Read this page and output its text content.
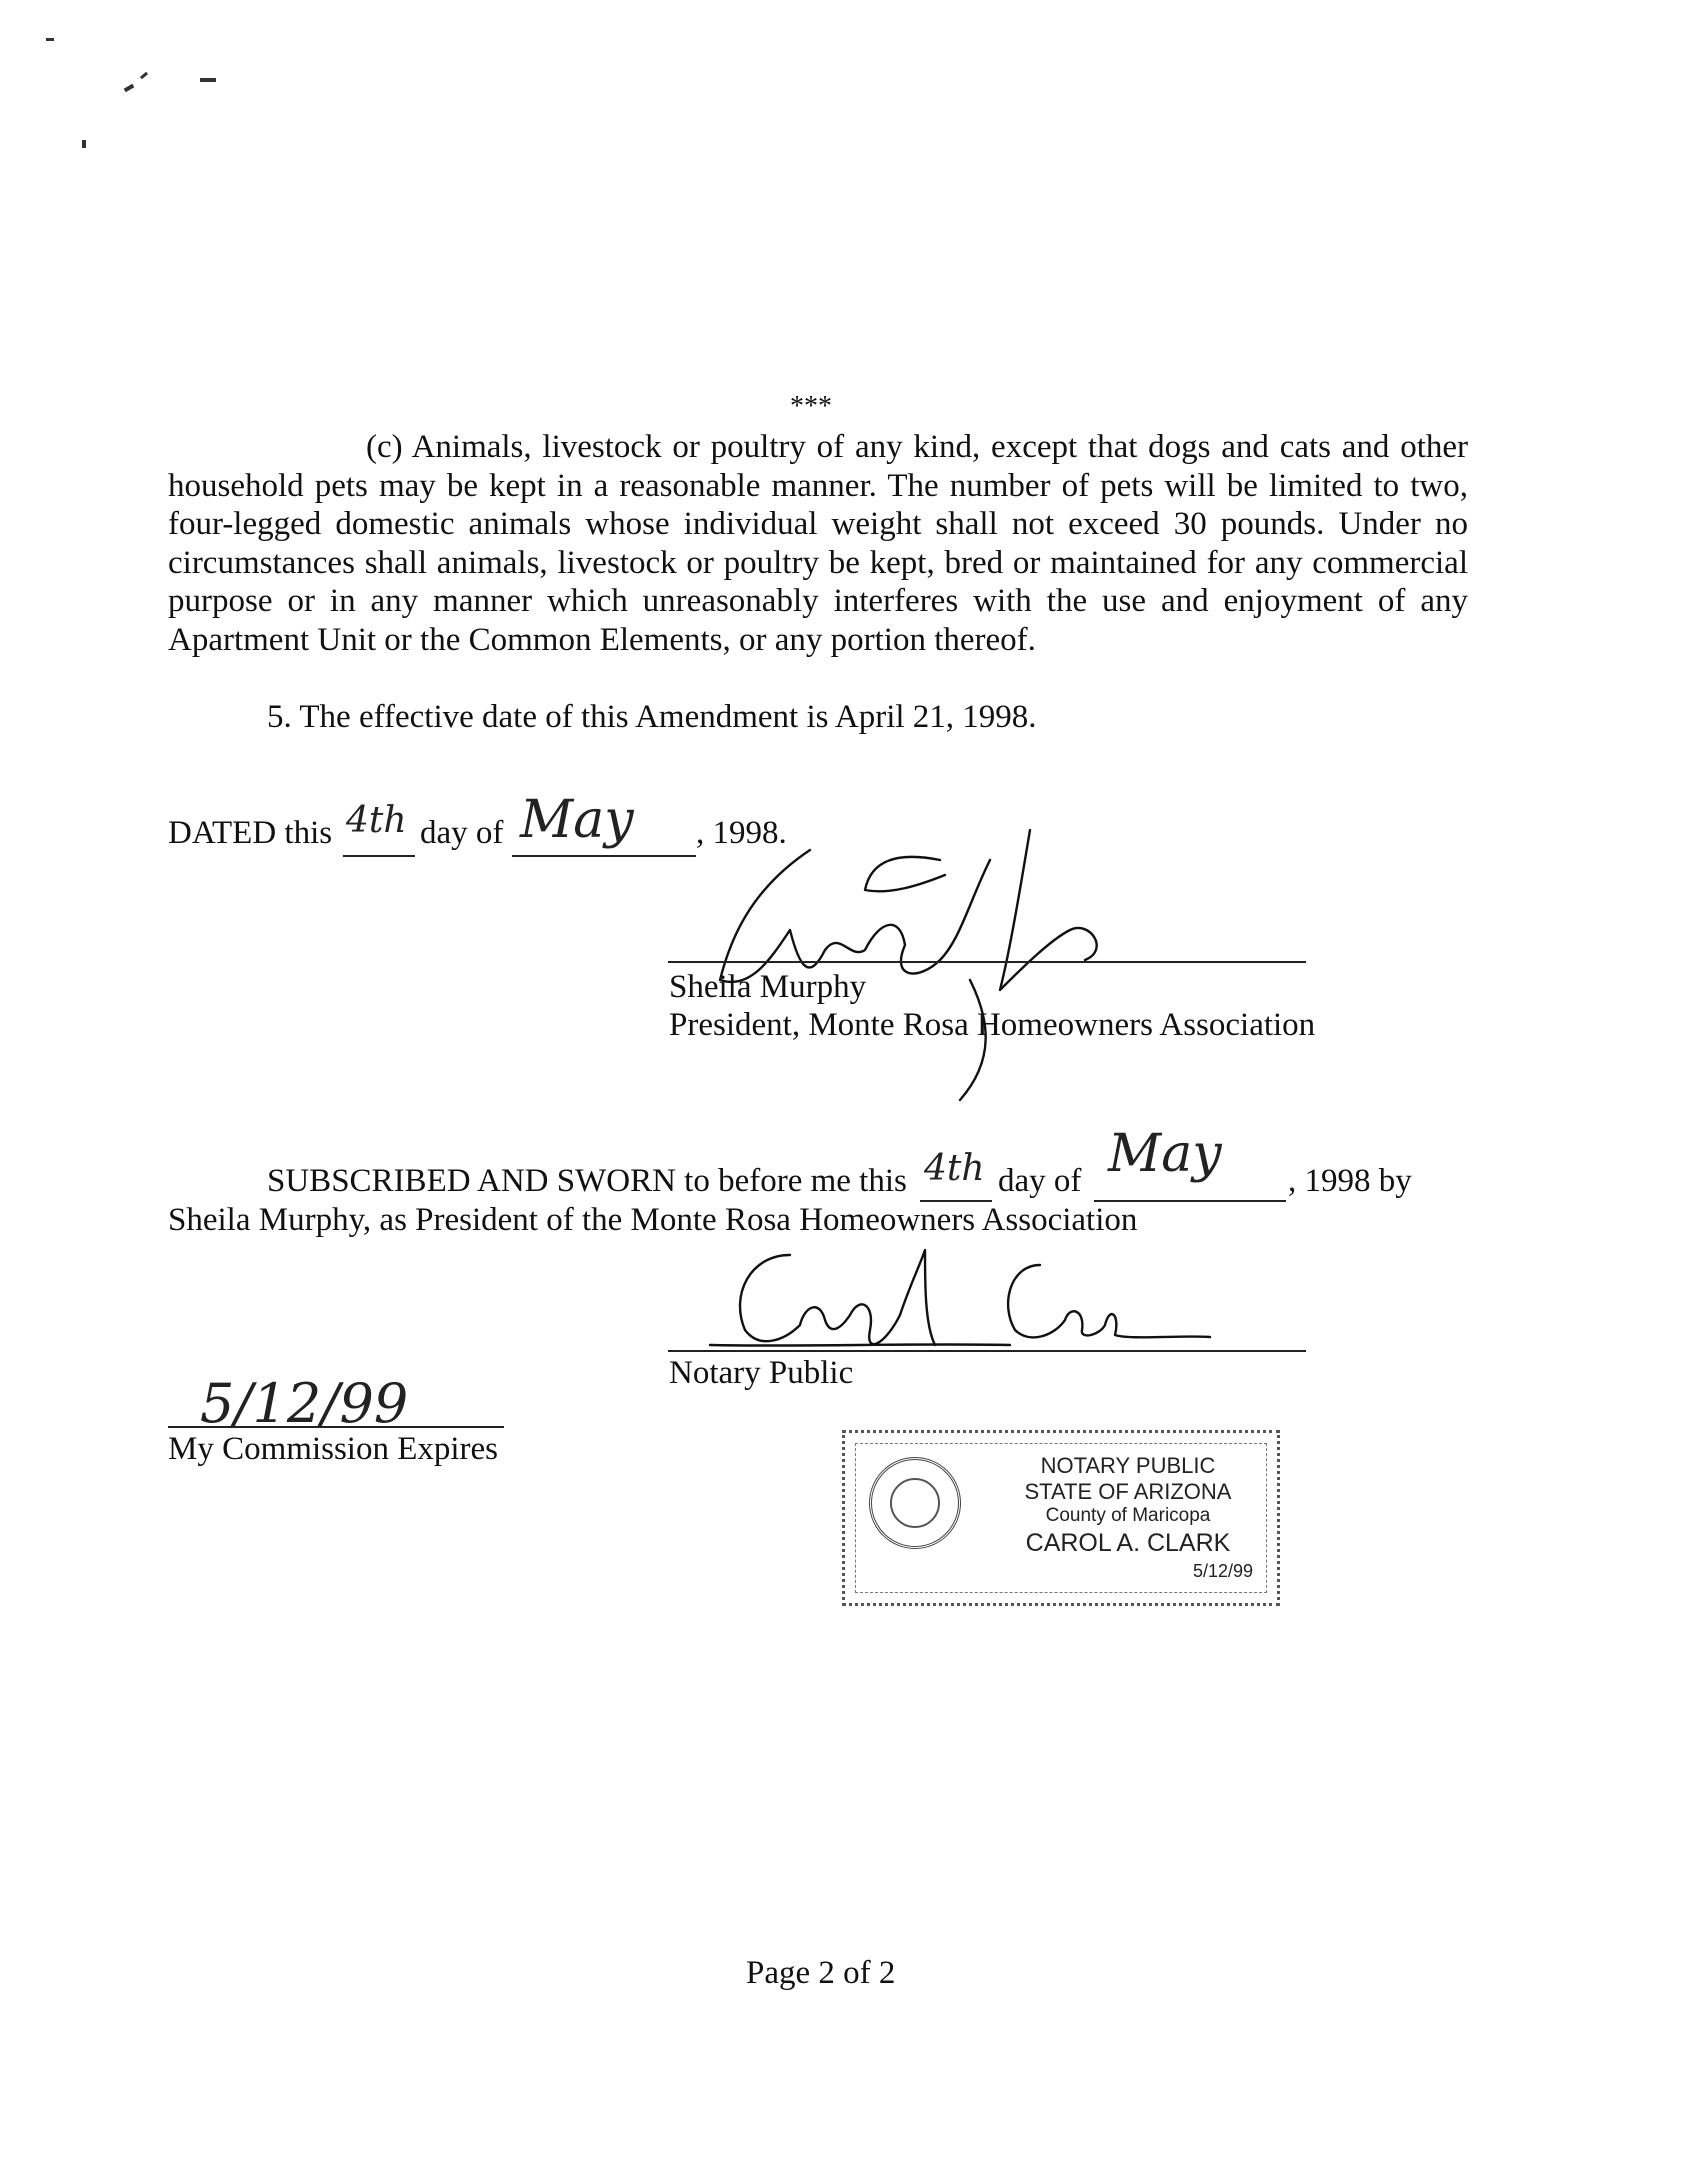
***
(c) Animals, livestock or poultry of any kind, except that dogs and cats and other household pets may be kept in a reasonable manner. The number of pets will be limited to two, four-legged domestic animals whose individual weight shall not exceed 30 pounds. Under no circumstances shall animals, livestock or poultry be kept, bred or maintained for any commercial purpose or in any manner which unreasonably interferes with the use and enjoyment of any Apartment Unit or the Common Elements, or any portion thereof.
5. The effective date of this Amendment is April 21, 1998.
DATED this 4th day of May , 1998.
Sheila Murphy
President, Monte Rosa Homeowners Association
SUBSCRIBED AND SWORN to before me this 4th day of May , 1998 by
Sheila Murphy, as President of the Monte Rosa Homeowners Association
Notary Public
5/12/99
My Commission Expires	NOTARY PUBLIC
STATE OF ARIZONA
County of Maricopa
CAROL A. CLARK
5/12/99
Page 2 of 2
